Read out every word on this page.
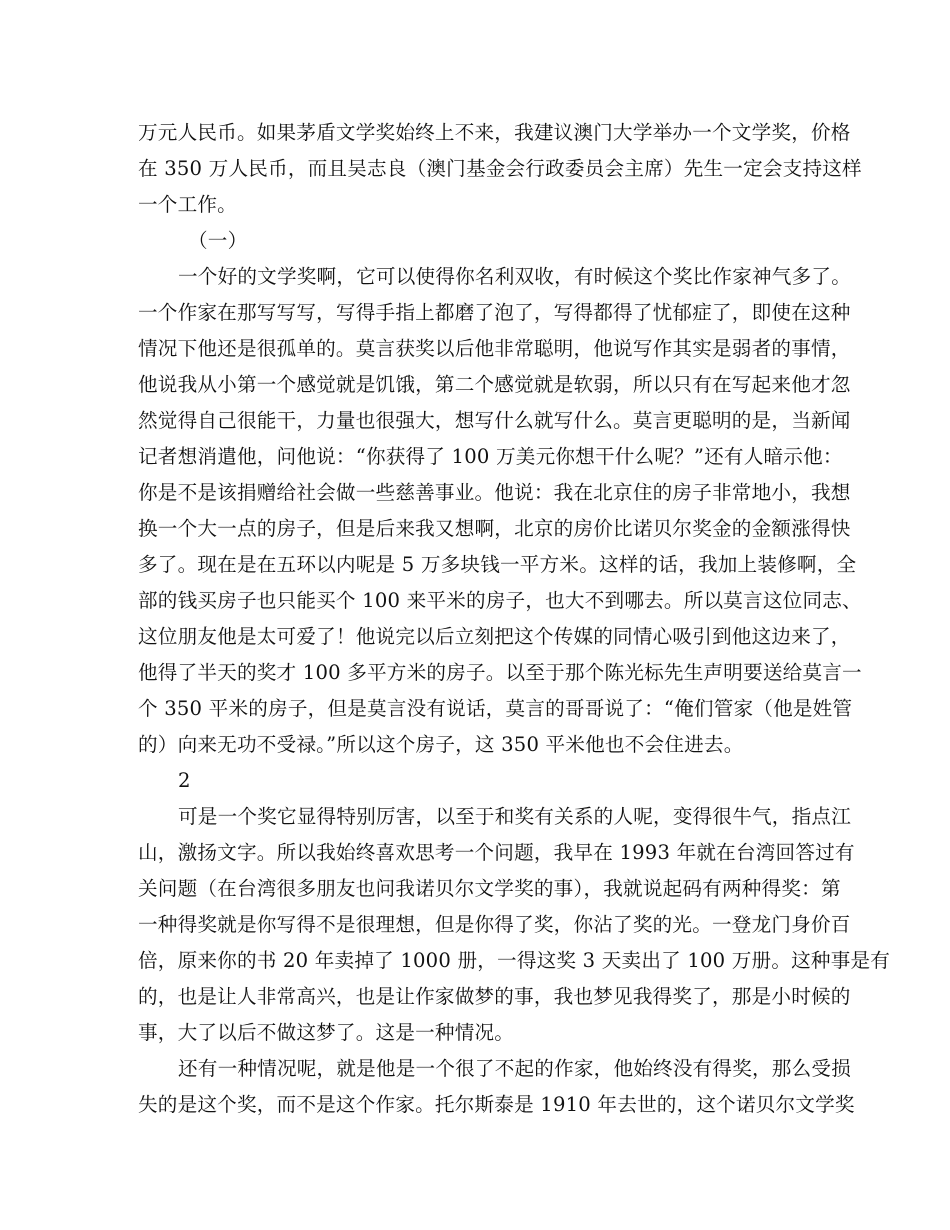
万元人民币。如果茅盾文学奖始终上不来，我建议澳门大学举办一个文学奖，价格
在 350 万人民币，而且吴志良（澳门基金会行政委员会主席）先生一定会支持这样
一个工作。
（一）
一个好的文学奖啊，它可以使得你名利双收，有时候这个奖比作家神气多了。
一个作家在那写写写，写得手指上都磨了泡了，写得都得了忧郁症了，即使在这种
情况下他还是很孤单的。莫言获奖以后他非常聪明，他说写作其实是弱者的事情，
他说我从小第一个感觉就是饥饿，第二个感觉就是软弱，所以只有在写起来他才忽
然觉得自己很能干，力量也很强大，想写什么就写什么。莫言更聪明的是，当新闻
记者想消遣他，问他说：“你获得了 100 万美元你想干什么呢？”还有人暗示他：
你是不是该捐赠给社会做一些慈善事业。他说：我在北京住的房子非常地小，我想
换一个大一点的房子，但是后来我又想啊，北京的房价比诺贝尔奖金的金额涨得快
多了。现在是在五环以内呢是 5 万多块钱一平方米。这样的话，我加上装修啊，全
部的钱买房子也只能买个 100 来平米的房子，也大不到哪去。所以莫言这位同志、
这位朋友他是太可爱了！他说完以后立刻把这个传媒的同情心吸引到他这边来了，
他得了半天的奖才 100 多平方米的房子。以至于那个陈光标先生声明要送给莫言一
个 350 平米的房子，但是莫言没有说话，莫言的哥哥说了：“俺们管家（他是姓管
的）向来无功不受禄。”所以这个房子，这 350 平米他也不会住进去。
2
可是一个奖它显得特别厉害，以至于和奖有关系的人呢，变得很牛气，指点江
山，激扬文字。所以我始终喜欢思考一个问题，我早在 1993 年就在台湾回答过有
关问题（在台湾很多朋友也问我诺贝尔文学奖的事），我就说起码有两种得奖：第
一种得奖就是你写得不是很理想，但是你得了奖，你沾了奖的光。一登龙门身价百
倍，原来你的书 20 年卖掉了 1000 册，一得这奖 3 天卖出了 100 万册。这种事是有
的，也是让人非常高兴，也是让作家做梦的事，我也梦见我得奖了，那是小时候的
事，大了以后不做这梦了。这是一种情况。
还有一种情况呢，就是他是一个很了不起的作家，他始终没有得奖，那么受损
失的是这个奖，而不是这个作家。托尔斯泰是 1910 年去世的，这个诺贝尔文学奖
